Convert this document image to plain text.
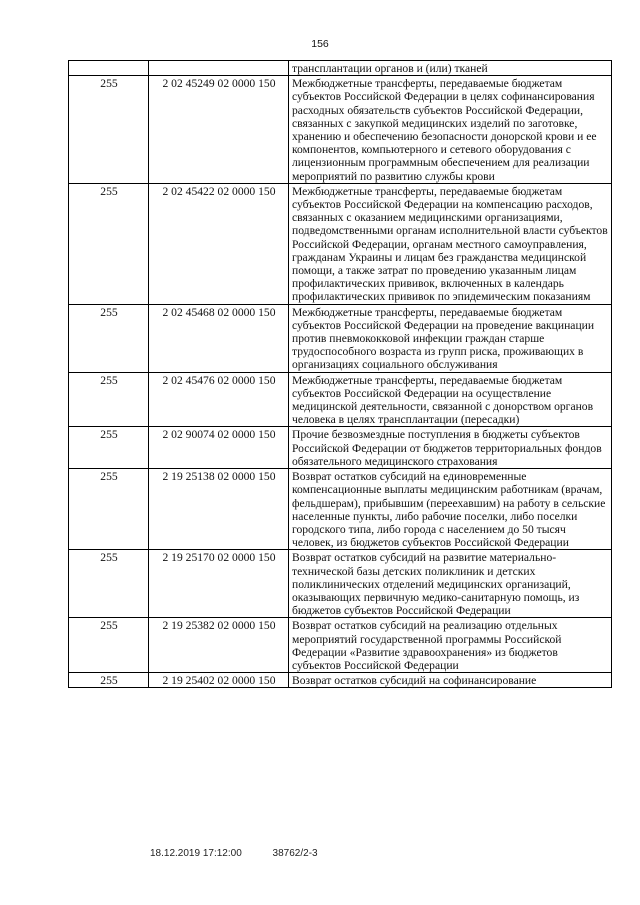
156
		трансплантации органов и (или) тканей
255	2 02 45249 02 0000 150	Межбюджетные трансферты, передаваемые бюджетам субъектов Российской Федерации в целях софинансирования расходных обязательств субъектов Российской Федерации, связанных с закупкой медицинских изделий по заготовке, хранению и обеспечению безопасности донорской крови и ее компонентов, компьютерного и сетевого оборудования с лицензионным программным обеспечением для реализации мероприятий по развитию службы крови
255	2 02 45422 02 0000 150	Межбюджетные трансферты, передаваемые бюджетам субъектов Российской Федерации на компенсацию расходов, связанных с оказанием медицинскими организациями, подведомственными органам исполнительной власти субъектов Российской Федерации, органам местного самоуправления, гражданам Украины и лицам без гражданства медицинской помощи, а также затрат по проведению указанным лицам профилактических прививок, включенных в календарь профилактических прививок по эпидемическим показаниям
255	2 02 45468 02 0000 150	Межбюджетные трансферты, передаваемые бюджетам субъектов Российской Федерации на проведение вакцинации против пневмококковой инфекции граждан старше трудоспособного возраста из групп риска, проживающих в организациях социального обслуживания
255	2 02 45476 02 0000 150	Межбюджетные трансферты, передаваемые бюджетам субъектов Российской Федерации на осуществление медицинской деятельности, связанной с донорством органов человека в целях трансплантации (пересадки)
255	2 02 90074 02 0000 150	Прочие безвозмездные поступления в бюджеты субъектов Российской Федерации от бюджетов территориальных фондов обязательного медицинского страхования
255	2 19 25138 02 0000 150	Возврат остатков субсидий на единовременные компенсационные выплаты медицинским работникам (врачам, фельдшерам), прибывшим (переехавшим) на работу в сельские населенные пункты, либо рабочие поселки, либо поселки городского типа, либо города с населением до 50 тысяч человек, из бюджетов субъектов Российской Федерации
255	2 19 25170 02 0000 150	Возврат остатков субсидий на развитие материально-технической базы детских поликлиник и детских поликлинических отделений медицинских организаций, оказывающих первичную медико-санитарную помощь, из бюджетов субъектов Российской Федерации
255	2 19 25382 02 0000 150	Возврат остатков субсидий на реализацию отдельных мероприятий государственной программы Российской Федерации «Развитие здравоохранения» из бюджетов субъектов Российской Федерации
255	2 19 25402 02 0000 150	Возврат остатков субсидий на софинансирование
18.12.2019 17:12:00	38762/2-3
